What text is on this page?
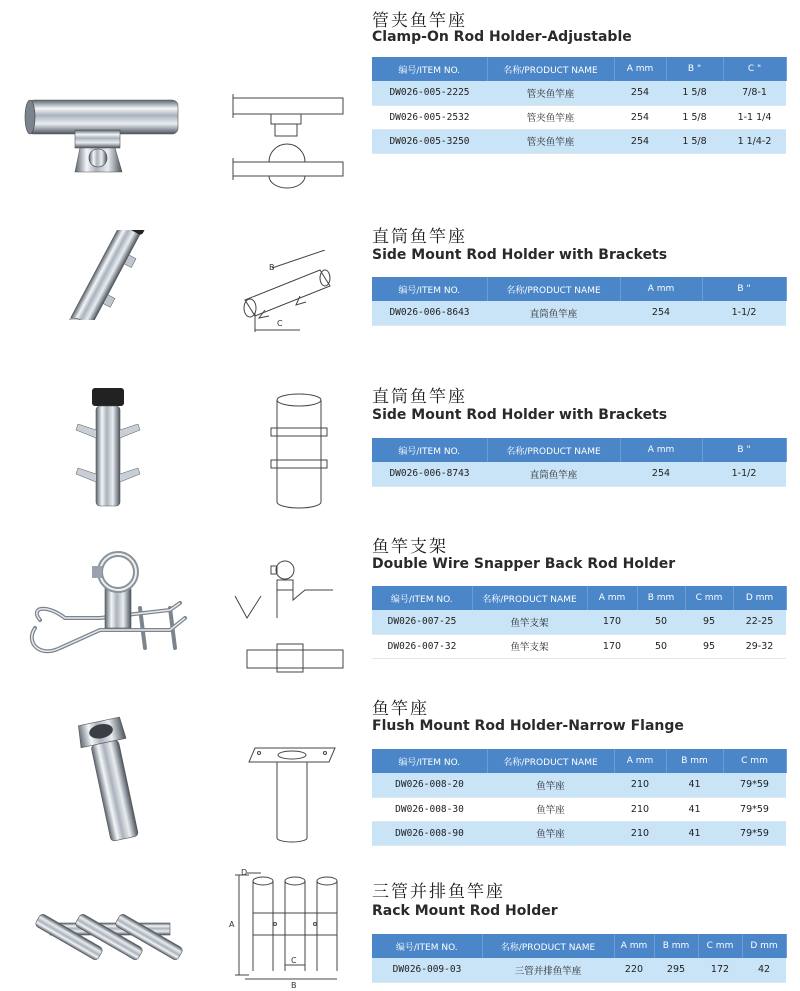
管夹鱼竿座
Clamp-On Rod Holder-Adjustable
编号/ITEM NO.	名称/PRODUCT NAME	A mm	B "	C "
DW026-005-2225	管夹鱼竿座	254	1 5/8	7/8-1
DW026-005-2532	管夹鱼竿座	254	1 5/8	1-1 1/4
DW026-005-3250	管夹鱼竿座	254	1 5/8	1 1/4-2
B
C
直筒鱼竿座
Side Mount Rod Holder with Brackets
编号/ITEM NO.	名称/PRODUCT NAME	A mm	B "
DW026-006-8643	直筒鱼竿座	254	1-1/2
直筒鱼竿座
Side Mount Rod Holder with Brackets
编号/ITEM NO.	名称/PRODUCT NAME	A mm	B "
DW026-006-8743	直筒鱼竿座	254	1-1/2
鱼竿支架
Double Wire Snapper Back Rod Holder
编号/ITEM NO.	名称/PRODUCT NAME	A mm	B mm	C mm	D mm
DW026-007-25	鱼竿支架	170	50	95	22-25
DW026-007-32	鱼竿支架	170	50	95	29-32
鱼竿座
Flush Mount Rod Holder-Narrow Flange
编号/ITEM NO.	名称/PRODUCT NAME	A mm	B mm	C mm
DW026-008-20	鱼竿座	210	41	79*59
DW026-008-30	鱼竿座	210	41	79*59
DW026-008-90	鱼竿座	210	41	79*59
D
A
C
B
三管并排鱼竿座
Rack Mount Rod Holder
编号/ITEM NO.	名称/PRODUCT NAME	A mm	B mm	C mm	D mm
DW026-009-03	三管并排鱼竿座	220	295	172	42
